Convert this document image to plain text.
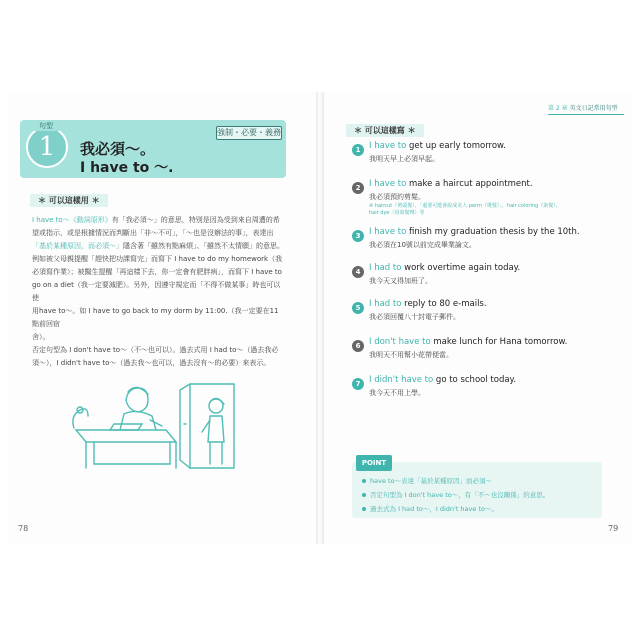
句型
1	強制・必要・義務
我必須～。
I have to ～.
＊ 可以這樣用 ＊

I have to～《動詞原形》有「我必須～」的意思，特別是因為受到來自周遭的希

望或指示，或是根據情況而判斷出「非～不可」，「～也是沒辦法的事」，表達出

「基於某種原因，而必須～」隱含著「雖然有點麻煩」、「雖然不太情願」的意思。

例如被父母親提醒「趕快把功課寫完」而寫下 I have to do my homework（我

必須寫作業）；被醫生提醒「再這樣下去，你一定會有肥胖病」，而寫下 I have to

go on a diet（我一定要減肥）。另外，因遵守規定而「不得不做某事」時也可以使

用have to～。如 I have to go back to my dorm by 11:00.（我一定要在11點前回宿

舍）。

否定句型為 I don't have to～（不～也可以）。過去式用 I had to～（過去我必

須～），I didn't have to～（過去我～也可以，過去沒有～的必要）來表示。

78
第 2 章 英文日記常用句型
＊ 可以這樣寫 ＊
1	I have to get up early tomorrow.
我明天早上必須早起。
2	I have to make a haircut appointment.
我必須預約剪髮。
※ haircut（剪頭髮）、「還要可能會說成美人 perm（燙髮）」、hair coloring（染髮）、hair dye（用染髮劑）等
3	I have to finish my graduation thesis by the 10th.
我必須在10號以前完成畢業論文。
4	I had to work overtime again today.
我今天又得加班了。
5	I had to reply to 80 e-mails.
我必須回覆八十封電子郵件。
6	I don't have to make lunch for Hana tomorrow.
我明天不用幫小花帶便當。
7	I didn't have to go to school today.
我今天不用上學。
POINT
have to～表達「基於某種原因」而必須～
否定句型為 I don't have to～，有「不～也沒關係」的意思。
過去式為 I had to～，I didn't have to～。
79
